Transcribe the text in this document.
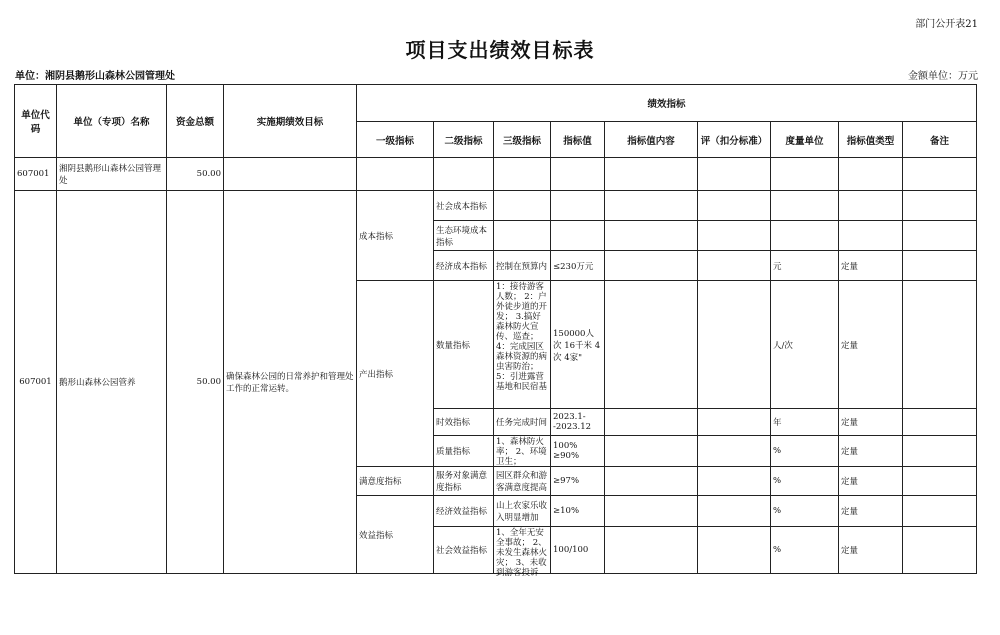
部门公开表21
项目支出绩效目标表
单位：湘阴县鹅形山森林公园管理处	金额单位：万元
单位代码	单位（专项）名称	资金总额	实施期绩效目标	绩效指标								
				一级指标	二级指标	三级指标	指标值	指标值内容	评（扣分标准）	度量单位	指标值类型	备注
607001	湘阴县鹅形山森林公园管理处	50.00										
607001	鹅形山森林公园管养	50.00	确保森林公园的日常养护和管理处工作的正常运转。	成本指标	社会成本指标							
					生态环境成本指标							
					经济成本指标	控制在预算内	≤230万元			元	定量	
				产出指标	数量指标	1：接待游客人数； 2：户外徒步道的开发； 3.搞好森林防火宣传、巡查； 4：完成园区森林资源的病虫害防治； 5：引进露营基地和民宿基	150000人次 16千米 4次 4家"			人/次	定量	
					时效指标	任务完成时间	2023.1--2023.12			年	定量	
					质量指标	1、森林防火率； 2、环境卫生；	100% ≥90%			%	定量	
				满意度指标	服务对象满意度指标	园区群众和游客满意度提高	≥97%			%	定量	
				效益指标	经济效益指标	山上农家乐收入明显增加	≥10%			%	定量	
					社会效益指标	1、全年无安全事故； 2、未发生森林火灾； 3、未收到游客投诉	100/100			%	定量	
